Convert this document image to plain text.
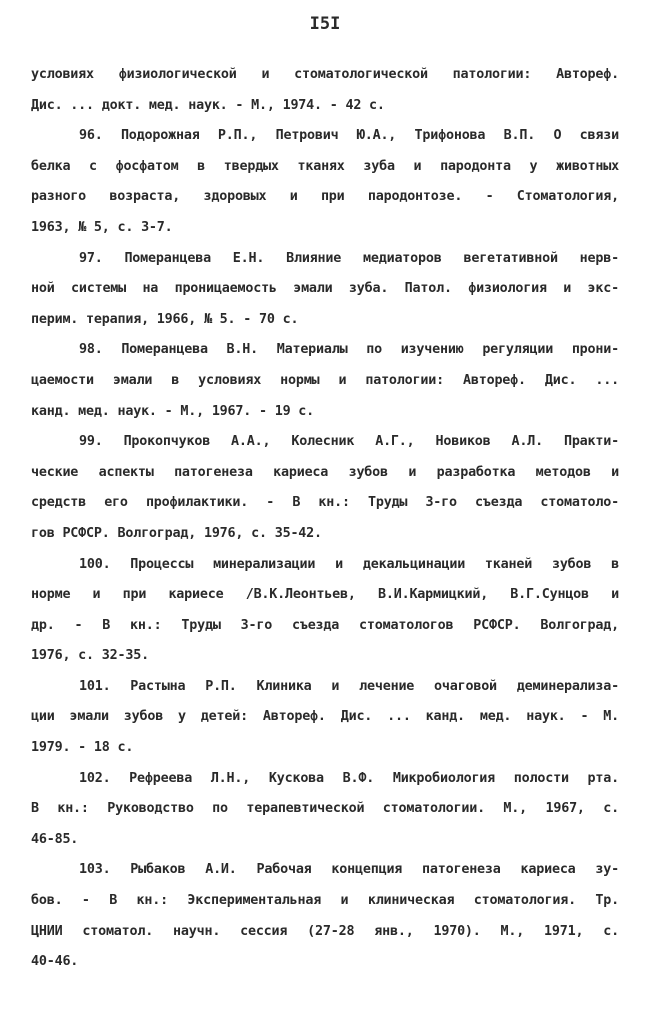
I5I
условиях физиологической и стоматологической патологии: Автореф.
Дис. ... докт. мед. наук. - М., 1974. - 42 с.
96. Подорожная Р.П., Петрович Ю.А., Трифонова В.П. О связи
белка с фосфатом в твердых тканях зуба и пародонта у животных
разного возраста, здоровых и при пародонтозе. - Стоматология,
1963, № 5, с. 3-7.
97. Померанцева Е.Н. Влияние медиаторов вегетативной нерв-
ной системы на проницаемость эмали зуба. Патол. физиология и экс-
перим. терапия, 1966, № 5. - 70 с.
98. Померанцева В.Н. Материалы по изучению регуляции прони-
цаемости эмали в условиях нормы и патологии: Автореф. Дис. ...
канд. мед. наук. - М., 1967. - 19 с.
99. Прокопчуков А.А., Колесник А.Г., Новиков А.Л. Практи-
ческие аспекты патогенеза кариеса зубов и разработка методов и
средств его профилактики. - В кн.: Труды 3-го съезда стоматоло-
гов РСФСР. Волгоград, 1976, с. 35-42.
100. Процессы минерализации и декальцинации тканей зубов в
норме и при кариесе /В.К.Леонтьев, В.И.Кармицкий, В.Г.Сунцов и
др. - В кн.: Труды 3-го съезда стоматологов РСФСР. Волгоград,
1976, с. 32-35.
101. Растына Р.П. Клиника и лечение очаговой деминерализа-
ции эмали зубов у детей: Автореф. Дис. ... канд. мед. наук. - М.
1979. - 18 с.
102. Рефреева Л.Н., Кускова В.Ф. Микробиология полости рта.
В кн.: Руководство по терапевтической стоматологии. М., 1967, с.
46-85.
103. Рыбаков А.И. Рабочая концепция патогенеза кариеса зу-
бов. - В кн.: Экспериментальная и клиническая стоматология. Тр.
ЦНИИ стоматол. научн. сессия (27-28 янв., 1970). М., 1971, с.
40-46.
